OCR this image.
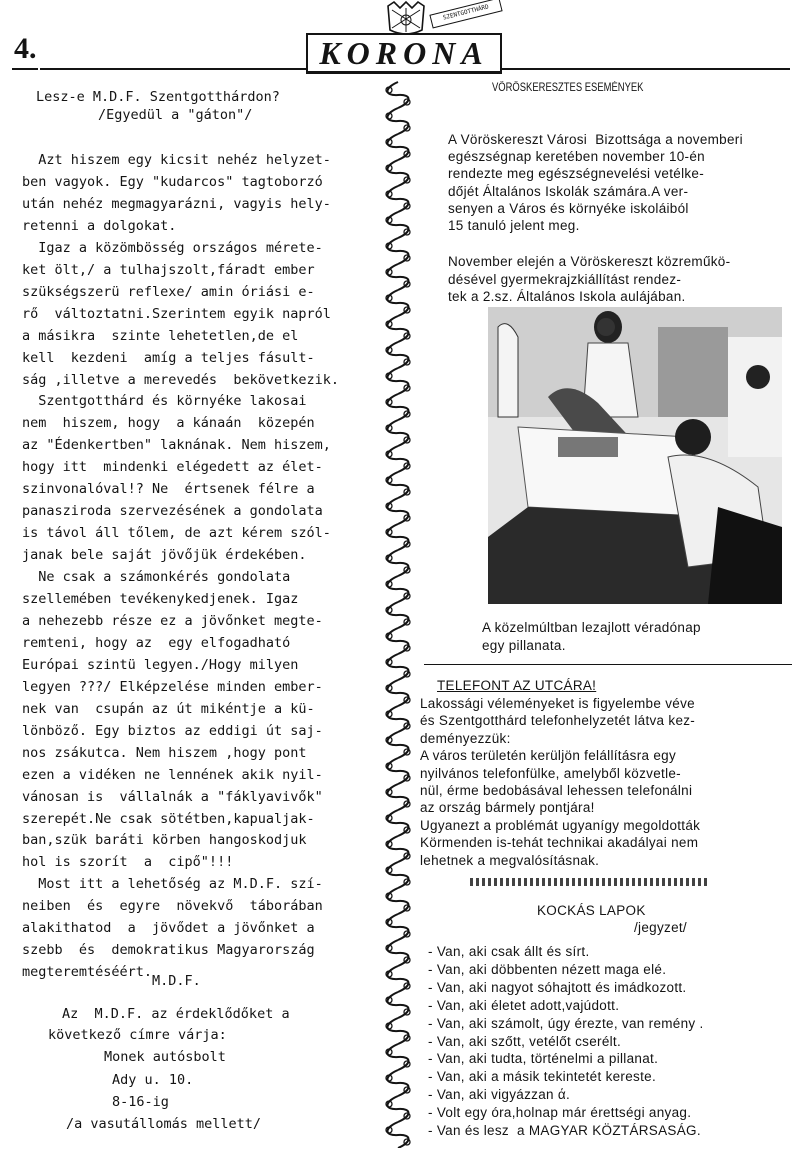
4.	KORONA
SZENTGOTTHÁRD
Lesz-e M.D.F. Szentgotthárdon?
/Egyedül a "gáton"/
Azt hiszem egy kicsit nehéz helyzet-
ben vagyok. Egy "kudarcos" tagtoborzó
után nehéz megmagyarázni, vagyis hely-
retenni a dolgokat.
Igaz a közömbösség országos mérete-
ket ölt,/ a tulhajszolt,fáradt ember
szükségszerü reflexe/ amin óriási e-
rő  változtatni.Szerintem egyik napról
a másikra  szinte lehetetlen,de el
kell  kezdeni  amíg a teljes fásult-
ság ,illetve a merevedés  bekövetkezik.
Szentgotthárd és környéke lakosai
nem  hiszem, hogy  a kánaán  közepén
az "Édenkertben" laknának. Nem hiszem,
hogy itt  mindenki elégedett az élet-
szinvonalóval!? Ne  értsenek félre a
panasziroda szervezésének a gondolata
is távol áll tőlem, de azt kérem szól-
janak bele saját jövőjük érdekében.
Ne csak a számonkérés gondolata
szellemében tevékenykedjenek. Igaz
a nehezebb része ez a jövőnket megte-
remteni, hogy az  egy elfogadható
Európai szintü legyen./Hogy milyen
legyen ???/ Elképzelése minden ember-
nek van  csupán az út mikéntje a kü-
lönböző. Egy biztos az eddigi út saj-
nos zsákutca. Nem hiszem ,hogy pont
ezen a vidéken ne lennének akik nyil-
vánosan is  vállalnák a "fáklyavivők"
szerepét.Ne csak sötétben,kapualjak-
ban,szük baráti körben hangoskodjuk
hol is szorít  a  cipő"!!!
Most itt a lehetőség az M.D.F. szí-
neiben  és  egyre  növekvő  táborában
alakithatod  a  jövődet a jövőnket a
szebb  és  demokratikus Magyarország
megteremtéséért.
M.D.F.
Az  M.D.F. az érdeklődőket a
következő címre várja:
Monek autósbolt
Ady u. 10.
8-16-ig
/a vasutállomás mellett/
VÖRÖSKERESZTES ESEMÉNYEK
A Vöröskereszt Városi  Bizottsága a novemberi
egészségnap keretében november 10-én
rendezte meg egészségnevelési vetélke-
dőjét Általános Iskolák számára.A ver-
senyen a Város és környéke iskoláiból
15 tanuló jelent meg.
November elején a Vöröskereszt közreműkö-
désével gyermekrajzkiállítást rendez-
tek a 2.sz. Általános Iskola aulájában.
A közelmúltban lezajlott véradónap
egy pillanata.
TELEFONT AZ UTCÁRA!
Lakossági véleményeket is figyelembe véve
és Szentgotthárd telefonhelyzetét látva kez-
deményezzük:
A város területén kerüljön felállításra egy
nyilvános telefonfülke, amelyből közvetle-
nül, érme bedobásával lehessen telefonálni
az ország bármely pontjára!
Ugyanezt a problémát ugyanígy megoldották
Körmenden is-tehát technikai akadályai nem
lehetnek a megvalósításnak.
KOCKÁS LAPOK
/jegyzet/
- Van, aki csak állt és sírt.
- Van, aki döbbenten nézett maga elé.
- Van, aki nagyot sóhajtott és imádkozott.
- Van, aki életet adott,vajúdott.
- Van, aki számolt, úgy érezte, van remény .
- Van, aki szőtt, vetélőt cserélt.
- Van, aki tudta, történelmi a pillanat.
- Van, aki a másik tekintetét kereste.
- Van, aki vigyázzan ά.
- Volt egy óra,holnap már érettségi anyag.
- Van és lesz  a MAGYAR KÖZTÁRSASÁG.
